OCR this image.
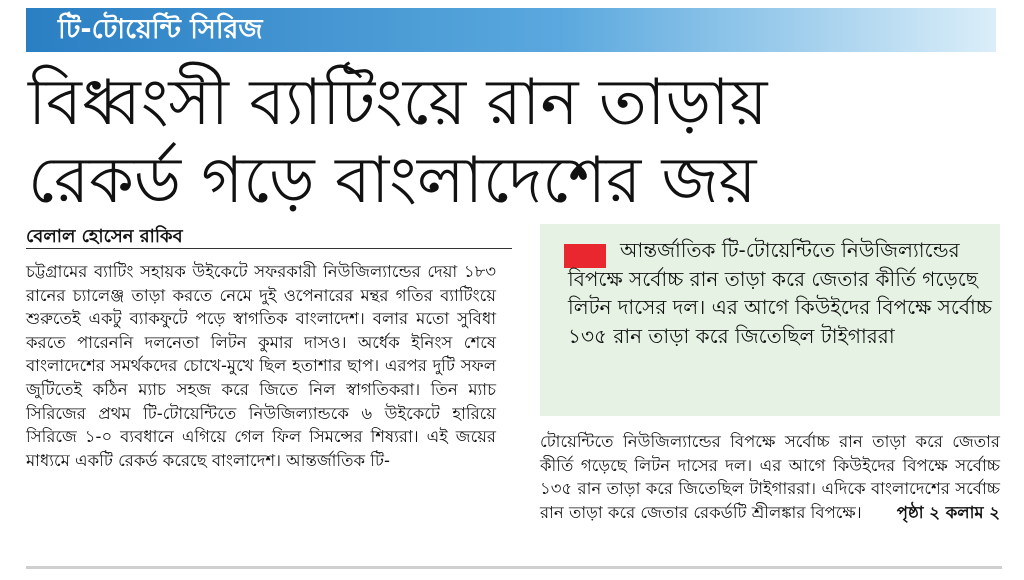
টি-টোয়েন্টি সিরিজ
বিধ্বংসী ব্যাটিংয়ে রান তাড়ায়
রেকর্ড গড়ে বাংলাদেশের জয়
বেলাল হোসেন রাকিব

চট্টগ্রামের ব্যাটিং সহায়ক উইকেটে সফরকারী নিউজিল্যান্ডের দেয়া ১৮৩ রানের চ্যালেঞ্জ তাড়া করতে নেমে দুই ওপেনারের মন্থর গতির ব্যাটিংয়ে শুরুতেই একটু ব্যাকফুটে পড়ে স্বাগতিক বাংলাদেশ। বলার মতো সুবিধা করতে পারেননি দলনেতা লিটন কুমার দাসও। অর্ধেক ইনিংস শেষে বাংলাদেশের সমর্থকদের চোখে-মুখে ছিল হতাশার ছাপ। এরপর দুটি সফল জুটিতেই কঠিন ম্যাচ সহজ করে জিতে নিল স্বাগতিকরা। তিন ম্যাচ সিরিজের প্রথম টি-টোয়েন্টিতে নিউজিল্যান্ডকে ৬ উইকেটে হারিয়ে সিরিজে ১-০ ব্যবধানে এগিয়ে গেল ফিল সিমন্সের শিষ্যরা। এই জয়ের মাধ্যমে একটি রেকর্ড করেছে বাংলাদেশ। আন্তর্জাতিক টি-

আন্তর্জাতিক টি-টোয়েন্টিতে নিউজিল্যান্ডের বিপক্ষে সর্বোচ্চ রান তাড়া করে জেতার কীর্তি গড়েছে লিটন দাসের দল। এর আগে কিউইদের বিপক্ষে সর্বোচ্চ ১৩৫ রান তাড়া করে জিতেছিল টাইগাররা

টোয়েন্টিতে নিউজিল্যান্ডের বিপক্ষে সর্বোচ্চ রান তাড়া করে জেতার কীর্তি গড়েছে লিটন দাসের দল। এর আগে কিউইদের বিপক্ষে সর্বোচ্চ ১৩৫ রান তাড়া করে জিতেছিল টাইগাররা। এদিকে বাংলাদেশের সর্বোচ্চ রান তাড়া করে জেতার রেকর্ডটি শ্রীলঙ্কার বিপক্ষে। পৃষ্ঠা ২ কলাম ২
